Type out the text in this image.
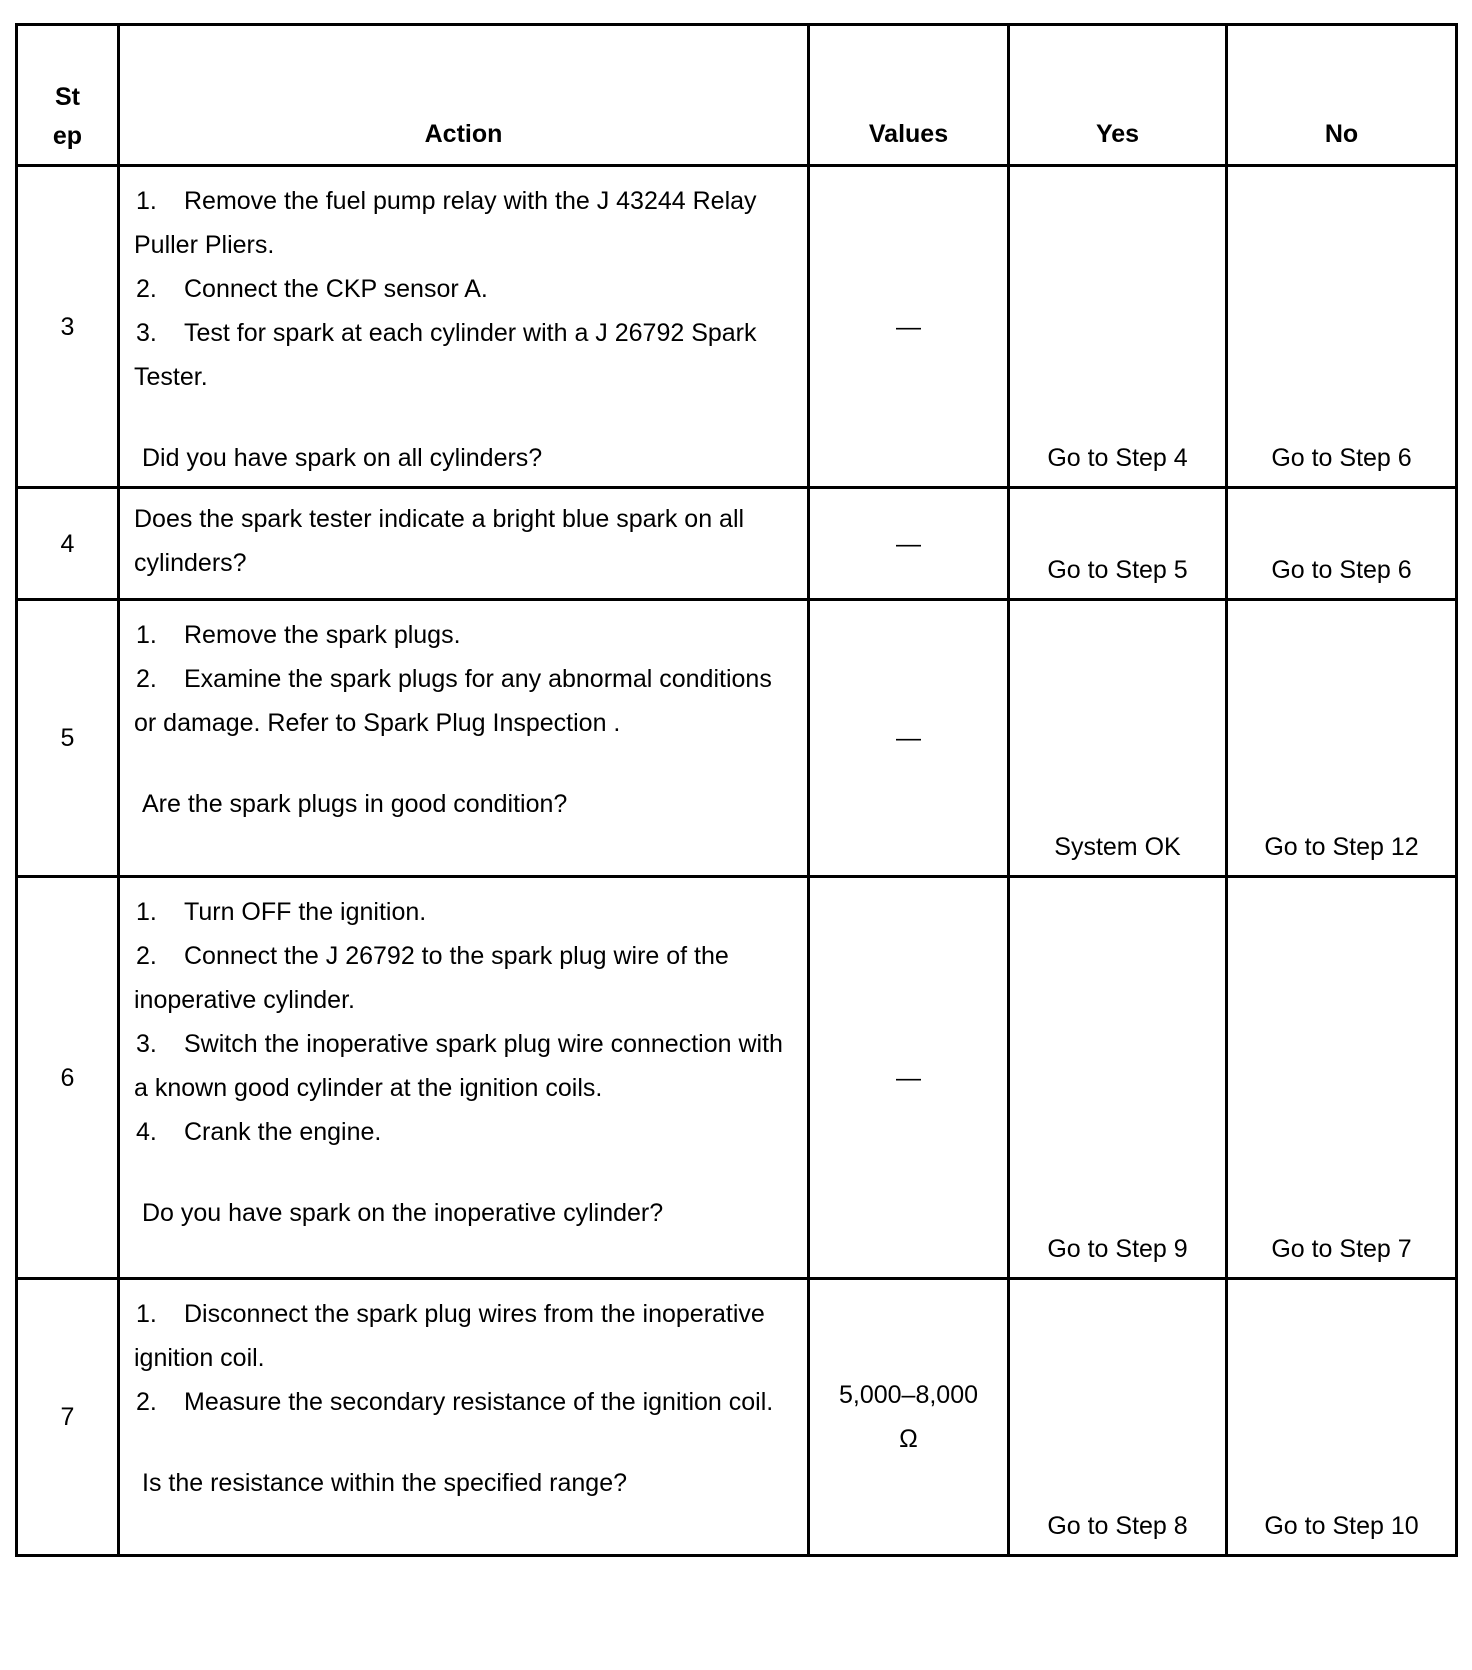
St
ep	Action	Values	Yes	No
3	1. Remove the fuel pump relay with the J 43244 Relay Puller Pliers.
2. Connect the CKP sensor A.
3. Test for spark at each cylinder with a J 26792 Spark Tester.
Did you have spark on all cylinders?	—	Go to Step 4	Go to Step 6
4	Does the spark tester indicate a bright blue spark on all cylinders?	—	Go to Step 5	Go to Step 6
5	1. Remove the spark plugs.
2. Examine the spark plugs for any abnormal conditions or damage. Refer to Spark Plug Inspection .
Are the spark plugs in good condition?	—	System OK	Go to Step 12
6	1. Turn OFF the ignition.
2. Connect the J 26792 to the spark plug wire of the inoperative cylinder.
3. Switch the inoperative spark plug wire connection with a known good cylinder at the ignition coils.
4. Crank the engine.
Do you have spark on the inoperative cylinder?	—	Go to Step 9	Go to Step 7
7	1. Disconnect the spark plug wires from the inoperative ignition coil.
2. Measure the secondary resistance of the ignition coil.
Is the resistance within the specified range?	5,000–8,000 Ω	Go to Step 8	Go to Step 10
